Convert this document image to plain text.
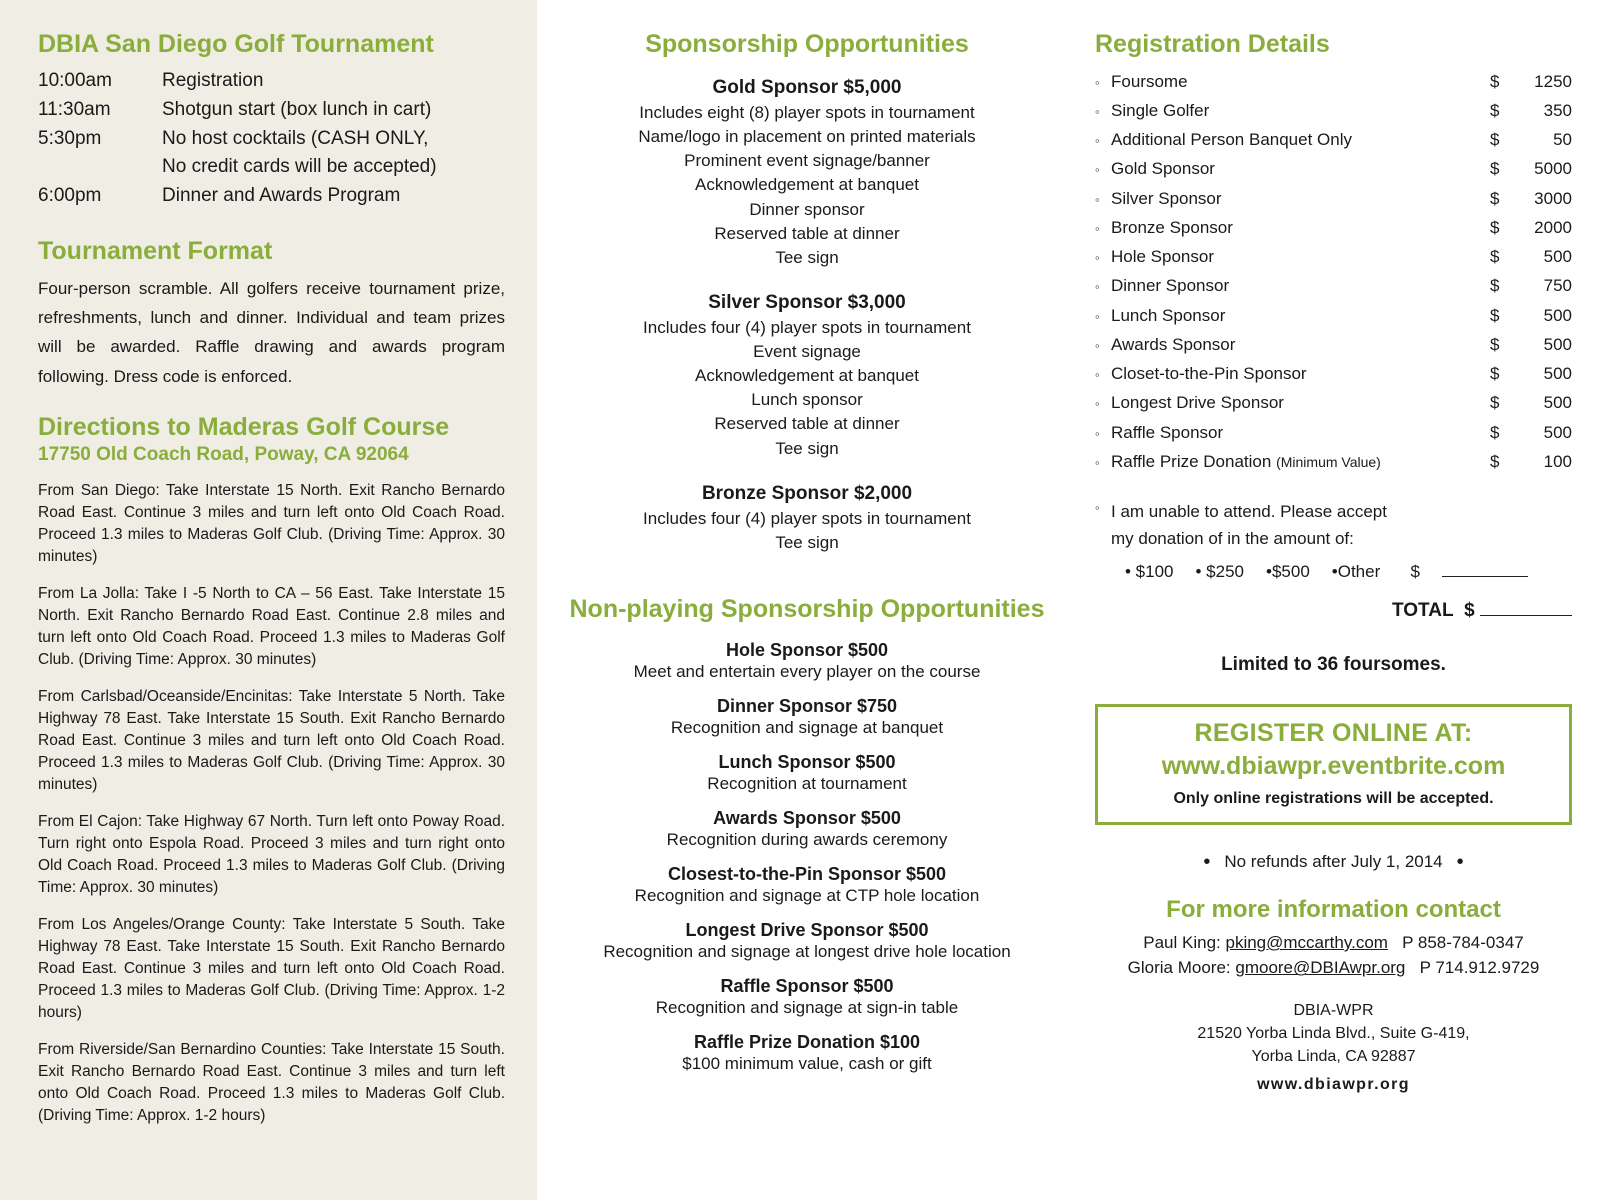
DBIA San Diego Golf Tournament
10:00am	Registration
11:30am	Shotgun start (box lunch in cart)
5:30pm	No host cocktails (CASH ONLY,
No credit cards will be accepted)
6:00pm	Dinner and Awards Program
Tournament Format

Four-person scramble. All golfers receive tournament prize, refreshments, lunch and dinner. Individual and team prizes will be awarded. Raffle drawing and awards program following. Dress code is enforced.

Directions to Maderas Golf Course
17750 Old Coach Road, Poway, CA 92064

From San Diego: Take Interstate 15 North. Exit Rancho Bernardo Road East. Continue 3 miles and turn left onto Old Coach Road. Proceed 1.3 miles to Maderas Golf Club. (Driving Time: Approx. 30 minutes)

From La Jolla: Take I -5 North to CA – 56 East. Take Interstate 15 North. Exit Rancho Bernardo Road East. Continue 2.8 miles and turn left onto Old Coach Road. Proceed 1.3 miles to Maderas Golf Club. (Driving Time: Approx. 30 minutes)

From Carlsbad/Oceanside/Encinitas: Take Interstate 5 North. Take Highway 78 East. Take Interstate 15 South. Exit Rancho Bernardo Road East. Continue 3 miles and turn left onto Old Coach Road. Proceed 1.3 miles to Maderas Golf Club. (Driving Time: Approx. 30 minutes)

From El Cajon: Take Highway 67 North. Turn left onto Poway Road. Turn right onto Espola Road. Proceed 3 miles and turn right onto Old Coach Road. Proceed 1.3 miles to Maderas Golf Club. (Driving Time: Approx. 30 minutes)

From Los Angeles/Orange County: Take Interstate 5 South. Take Highway 78 East. Take Interstate 15 South. Exit Rancho Bernardo Road East. Continue 3 miles and turn left onto Old Coach Road. Proceed 1.3 miles to Maderas Golf Club. (Driving Time: Approx. 1-2 hours)

From Riverside/San Bernardino Counties: Take Interstate 15 South. Exit Rancho Bernardo Road East. Continue 3 miles and turn left onto Old Coach Road. Proceed 1.3 miles to Maderas Golf Club. (Driving Time: Approx. 1-2 hours)

Sponsorship Opportunities
Gold Sponsor $5,000
Includes eight (8) player spots in tournament
Name/logo in placement on printed materials
Prominent event signage/banner
Acknowledgement at banquet
Dinner sponsor
Reserved table at dinner
Tee sign
Silver Sponsor $3,000
Includes four (4) player spots in tournament
Event signage
Acknowledgement at banquet
Lunch sponsor
Reserved table at dinner
Tee sign
Bronze Sponsor $2,000
Includes four (4) player spots in tournament
Tee sign
Non-playing Sponsorship Opportunities
Hole Sponsor $500
Meet and entertain every player on the course
Dinner Sponsor $750
Recognition and signage at banquet
Lunch Sponsor $500
Recognition at tournament
Awards Sponsor $500
Recognition during awards ceremony
Closest-to-the-Pin Sponsor $500
Recognition and signage at CTP hole location
Longest Drive Sponsor $500
Recognition and signage at longest drive hole location
Raffle Sponsor $500
Recognition and signage at sign-in table
Raffle Prize Donation $100
$100 minimum value, cash or gift
Registration Details
◦ Foursome	$	1250
◦ Single Golfer	$	350
◦ Additional Person Banquet Only	$	50
◦ Gold Sponsor	$	5000
◦ Silver Sponsor	$	3000
◦ Bronze Sponsor	$	2000
◦ Hole Sponsor	$	500
◦ Dinner Sponsor	$	750
◦ Lunch Sponsor	$	500
◦ Awards Sponsor	$	500
◦ Closet-to-the-Pin Sponsor	$	500
◦ Longest Drive Sponsor	$	500
◦ Raffle Sponsor	$	500
◦ Raffle Prize Donation (Minimum Value)	$	100
◦ I am unable to attend. Please accept
my donation of in the amount of:
• $100 • $250 •$500 •Other $
TOTAL
$

Limited to 36 foursomes.
REGISTER ONLINE AT:
www.dbiawpr.eventbrite.com
Only online registrations will be accepted.
• No refunds after July 1, 2014 •
For more information contact
Paul King: pking@mccarthy.com P 858-784-0347
Gloria Moore: gmoore@DBIAwpr.org P 714.912.9729
DBIA-WPR
21520 Yorba Linda Blvd., Suite G-419,
Yorba Linda, CA 92887
www.dbiawpr.org
